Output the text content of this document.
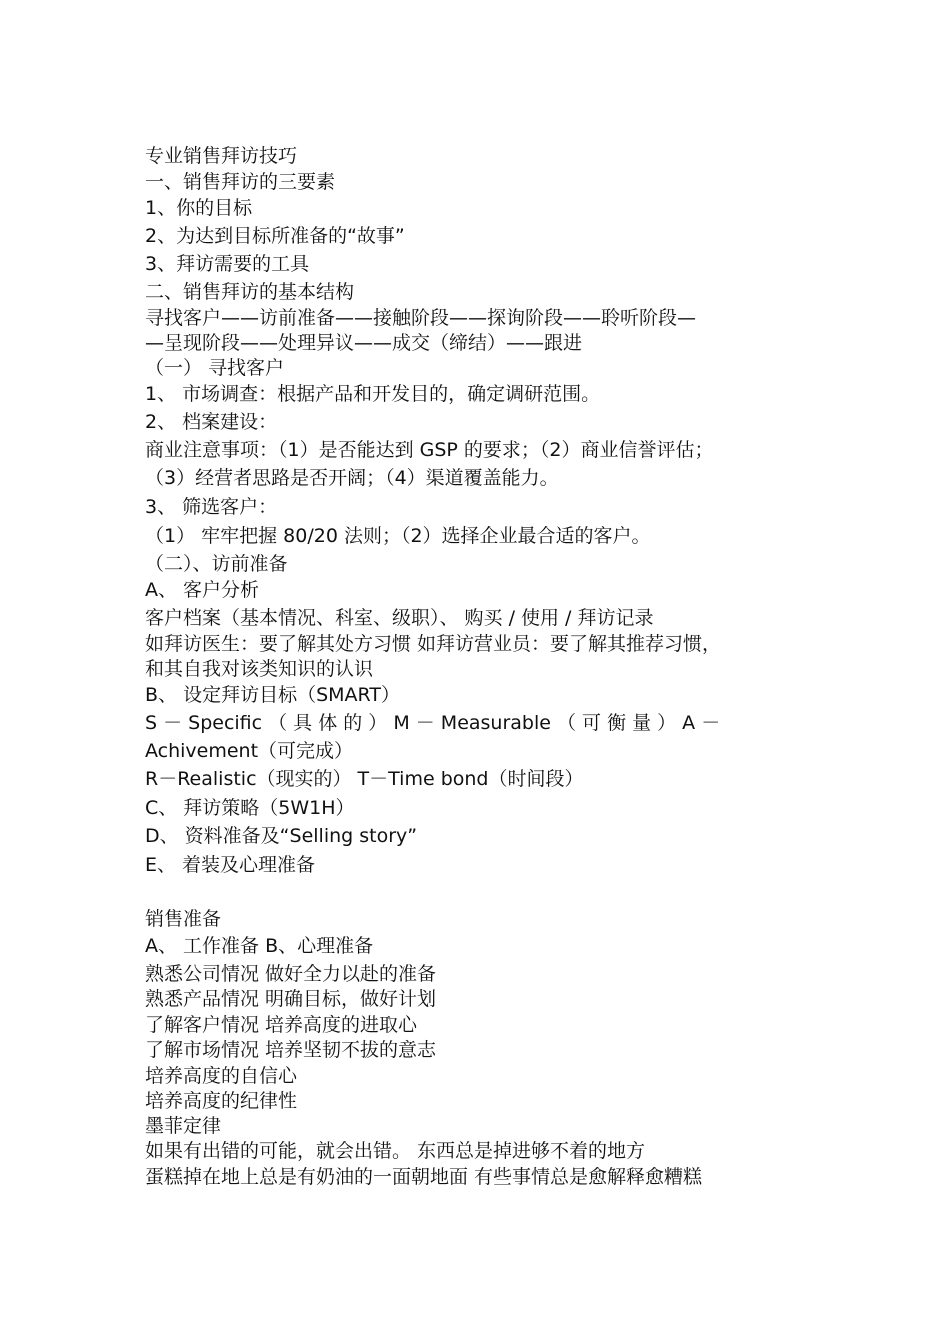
专业销售拜访技巧

一、销售拜访的三要素

1、你的目标

2、为达到目标所准备的“故事”

3、拜访需要的工具

二、销售拜访的基本结构

寻找客户——访前准备——接触阶段——探询阶段——聆听阶段—

—呈现阶段——处理异议——成交（缔结）——跟进

（一） 寻找客户

1、 市场调查：根据产品和开发目的，确定调研范围。

2、 档案建设：

商业注意事项：（1）是否能达到 GSP 的要求；（2）商业信誉评估；

（3）经营者思路是否开阔；（4）渠道覆盖能力。

3、 筛选客户：

（1） 牢牢把握 80/20 法则；（2）选择企业最合适的客户。

（二）、访前准备

A、 客户分析

客户档案（基本情况、科室、级职）、 购买 / 使用 / 拜访记录

如拜访医生：要了解其处方习惯 如拜访营业员：要了解其推荐习惯，

和其自我对该类知识的认识

B、 设定拜访目标（SMART）

S － Specific （ 具 体 的 ） M － Measurable （ 可 衡 量 ） A －

Achivement（可完成）

R－Realistic（现实的） T－Time bond（时间段）

C、 拜访策略（5W1H）

D、 资料准备及“Selling story”

E、 着装及心理准备

销售准备

A、 工作准备 B、心理准备

熟悉公司情况 做好全力以赴的准备

熟悉产品情况 明确目标，做好计划

了解客户情况 培养高度的进取心

了解市场情况 培养坚韧不拔的意志

培养高度的自信心

培养高度的纪律性

墨菲定律

如果有出错的可能，就会出错。 东西总是掉进够不着的地方

蛋糕掉在地上总是有奶油的一面朝地面 有些事情总是愈解释愈糟糕
